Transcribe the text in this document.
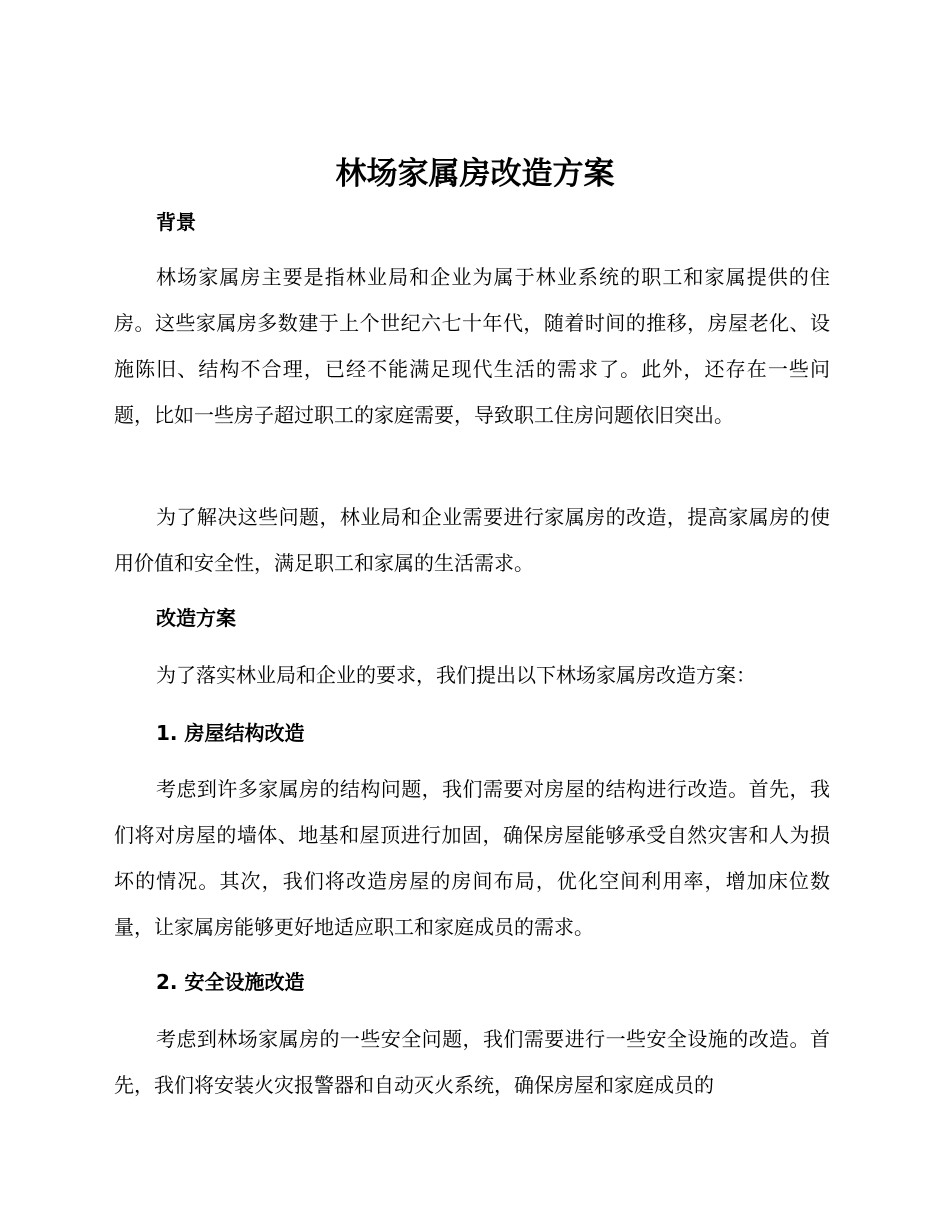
林场家属房改造方案
背景

林场家属房主要是指林业局和企业为属于林业系统的职工和家属提供的住房。这些家属房多数建于上个世纪六七十年代，随着时间的推移，房屋老化、设施陈旧、结构不合理，已经不能满足现代生活的需求了。此外，还存在一些问题，比如一些房子超过职工的家庭需要，导致职工住房问题依旧突出。

为了解决这些问题，林业局和企业需要进行家属房的改造，提高家属房的使用价值和安全性，满足职工和家属的生活需求。

改造方案

为了落实林业局和企业的要求，我们提出以下林场家属房改造方案：

1. 房屋结构改造

考虑到许多家属房的结构问题，我们需要对房屋的结构进行改造。首先，我们将对房屋的墙体、地基和屋顶进行加固，确保房屋能够承受自然灾害和人为损坏的情况。其次，我们将改造房屋的房间布局，优化空间利用率，增加床位数量，让家属房能够更好地适应职工和家庭成员的需求。

2. 安全设施改造

考虑到林场家属房的一些安全问题，我们需要进行一些安全设施的改造。首先，我们将安装火灾报警器和自动灭火系统，确保房屋和家庭成员的
